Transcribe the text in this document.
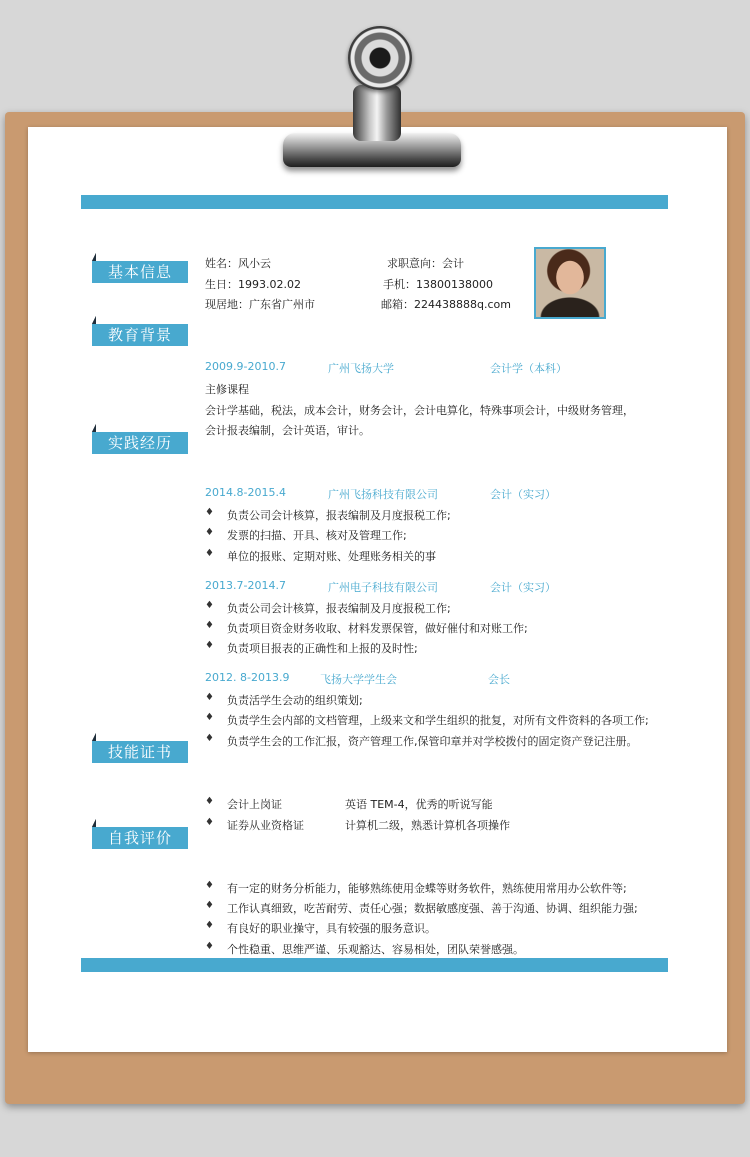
基本信息	姓名：风小云	求职意向：会计
生日：1993.02.02	手机：13800138000
现居地：广东省广州市	邮箱：224438888q.com
教育背景
2009.9-2010.7	广州飞扬大学	会计学（本科）
主修课程
会计学基础，税法，成本会计，财务会计，会计电算化，特殊事项会计，中级财务管理，
会计报表编制，会计英语，审计。
实践经历
2014.8-2015.4	广州飞扬科技有限公司	会计（实习）
♦ 负责公司会计核算，报表编制及月度报税工作;
♦ 发票的扫描、开具、核对及管理工作;
♦ 单位的报账、定期对账、处理账务相关的事
2013.7-2014.7	广州电子科技有限公司	会计（实习）
♦ 负责公司会计核算，报表编制及月度报税工作;
♦ 负责项目资金财务收取、材料发票保管，做好催付和对账工作;
♦ 负责项目报表的正确性和上报的及时性;
2012. 8-2013.9	飞扬大学学生会	会长
♦ 负责活学生会动的组织策划;
♦ 负责学生会内部的文档管理，上级来文和学生组织的批复，对所有文件资料的各项工作;
♦ 负责学生会的工作汇报，资产管理工作,保管印章并对学校拨付的固定资产登记注册。
技能证书
♦ 会计上岗证	英语 TEM-4，优秀的听说写能
♦ 证券从业资格证	计算机二级，熟悉计算机各项操作
自我评价
♦ 有一定的财务分析能力，能够熟练使用金蝶等财务软件，熟练使用常用办公软件等;
♦ 工作认真细致，吃苦耐劳、责任心强；数据敏感度强、善于沟通、协调、组织能力强;
♦ 有良好的职业操守，具有较强的服务意识。
♦ 个性稳重、思维严谨、乐观豁达、容易相处，团队荣誉感强。
